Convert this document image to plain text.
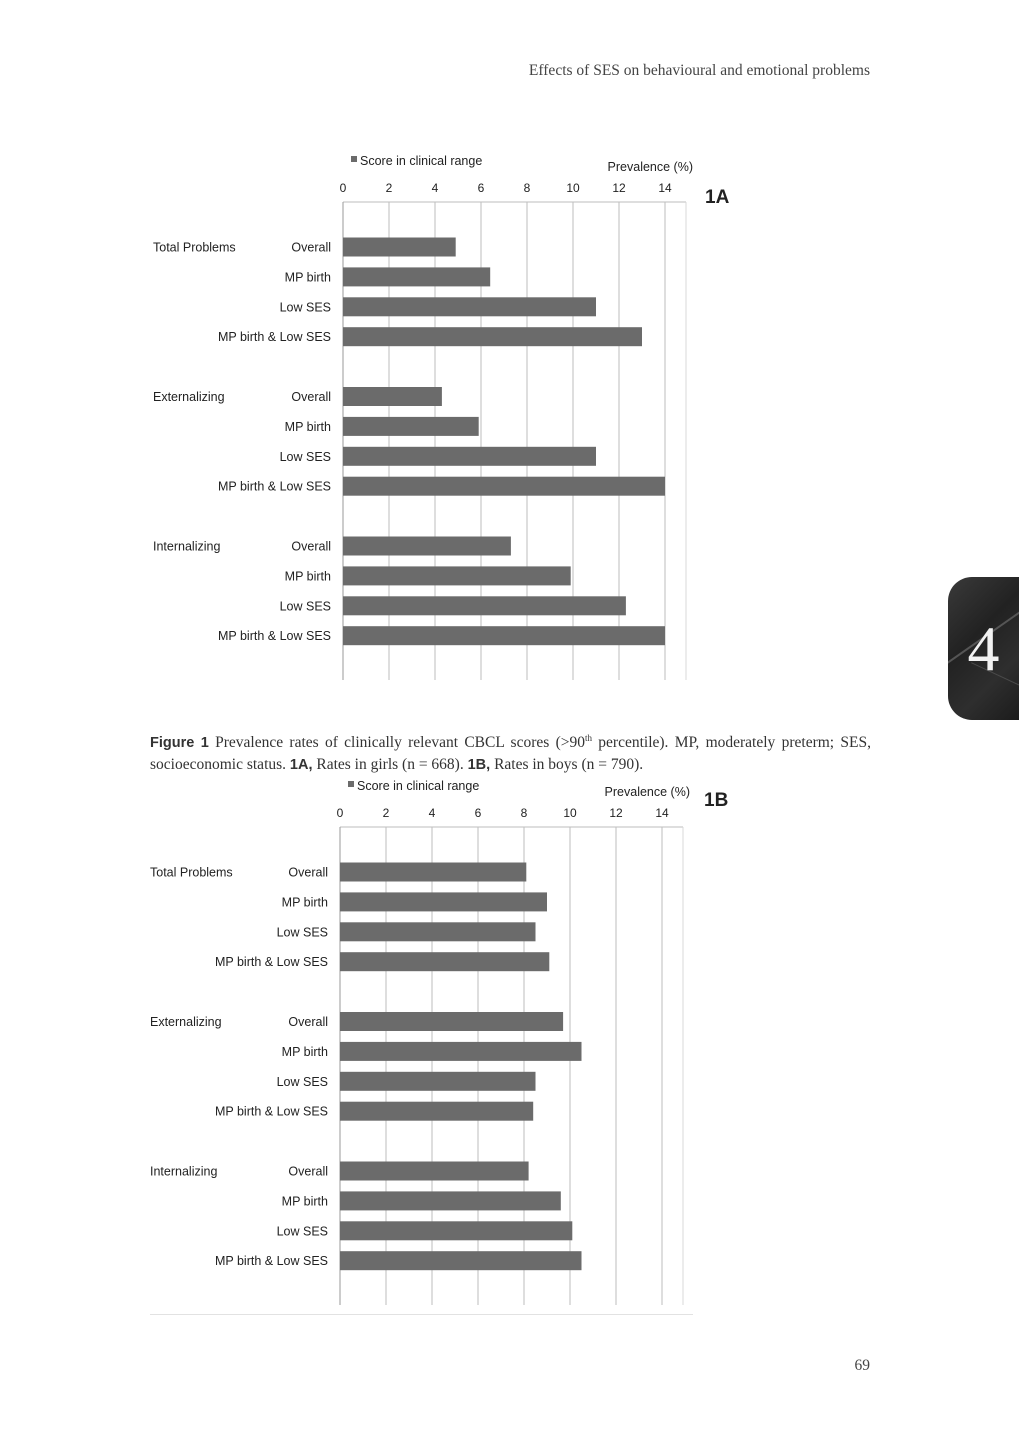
Effects of SES on behavioural and emotional problems
0	2	4	6	8	10	12	14
Score in clinical range	Prevalence (%)
1A
Total Problems	Overall
MP birth
Low SES
MP birth & Low SES
Externalizing	Overall
MP birth
Low SES
MP birth & Low SES
Internalizing	Overall
MP birth
Low SES
MP birth & Low SES
0	2	4	6	8	10	12	14
Score in clinical range	Prevalence (%) 1B
Total Problems	Overall
MP birth
Low SES
MP birth & Low SES
Externalizing	Overall
MP birth
Low SES
MP birth & Low SES
Internalizing	Overall
MP birth
Low SES
MP birth & Low SES
Figure 1 Prevalence rates of clinically relevant CBCL scores (>90th percentile). MP, moderately preterm; SES, socioeconomic status. 1A, Rates in girls (n = 668). 1B, Rates in boys (n = 790).
4
69
